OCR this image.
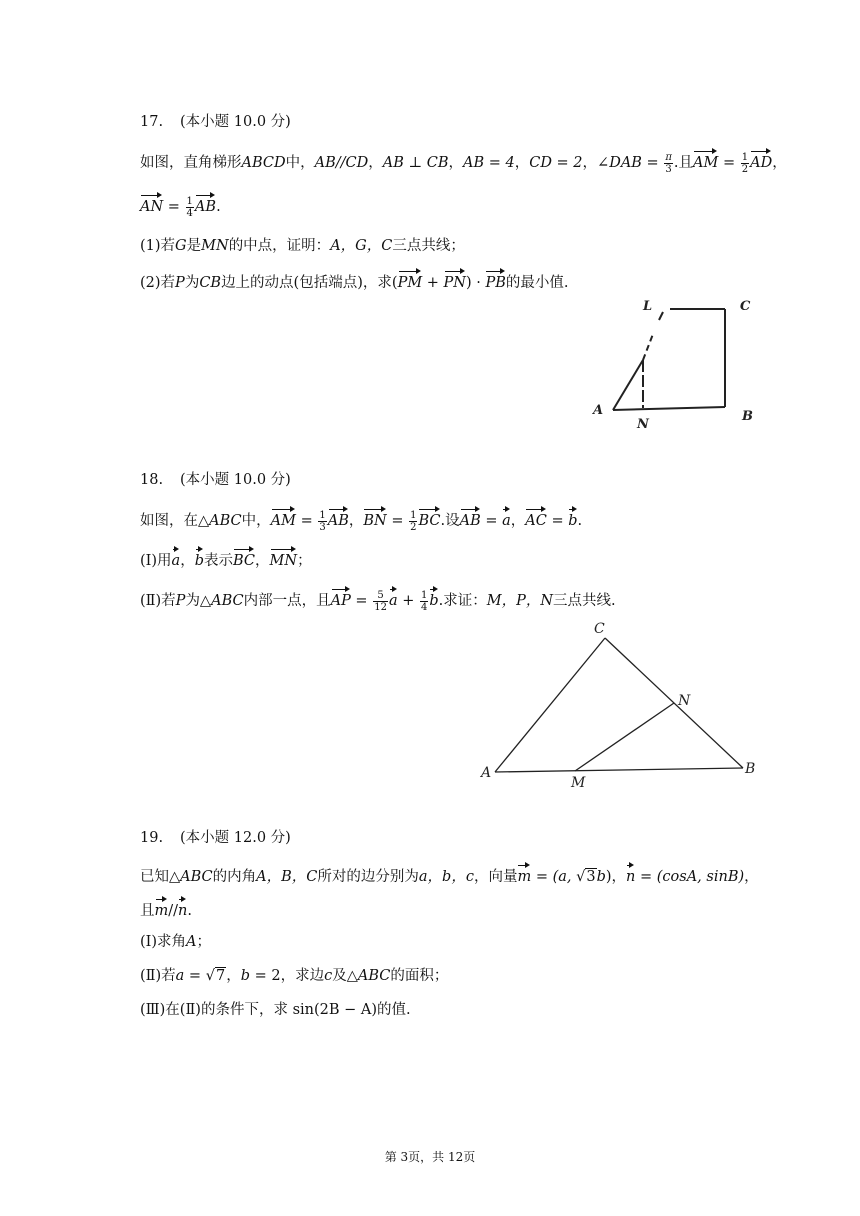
17. (本小题 10.0 分)
如图，直角梯形ABCD中，AB//CD，AB ⊥ CB，AB = 4，CD = 2，∠DAB = $\frac{\pi}{3}$ .且AM = $\frac{1}{2}$ AD，
AN = $\frac{1}{4}$ AB.
(1)若G是MN的中点，证明：A，G，C三点共线；
(2)若P为CB边上的动点(包括端点)，求(PM + PN) · PB的最小值.
L	C
A
N
B
18. (本小题 10.0 分)
如图，在△ABC中，AM = $\frac{1}{3}$ AB，BN = $\frac{1}{2}$ BC.设AB = a，AC = b.
(Ⅰ)用a，b表示BC，MN；
(Ⅱ)若P为△ABC内部一点，且AP = $\frac{5}{12}$ $a + \frac{1}{4} b$.求证：M，P，N三点共线.
C
N
A
M
B
19. (本小题 12.0 分)
已知△ABC的内角A，B，C所对的边分别为a，b，c，向量m = (a, √3b)，n = (cosA, sinB)，
且m//n.
(Ⅰ)求角A；
(Ⅱ)若a = √7，b = 2，求边c及△ABC的面积；
(Ⅲ)在(Ⅱ)的条件下，求 sin(2B − A)的值.
第 3页，共 12页
